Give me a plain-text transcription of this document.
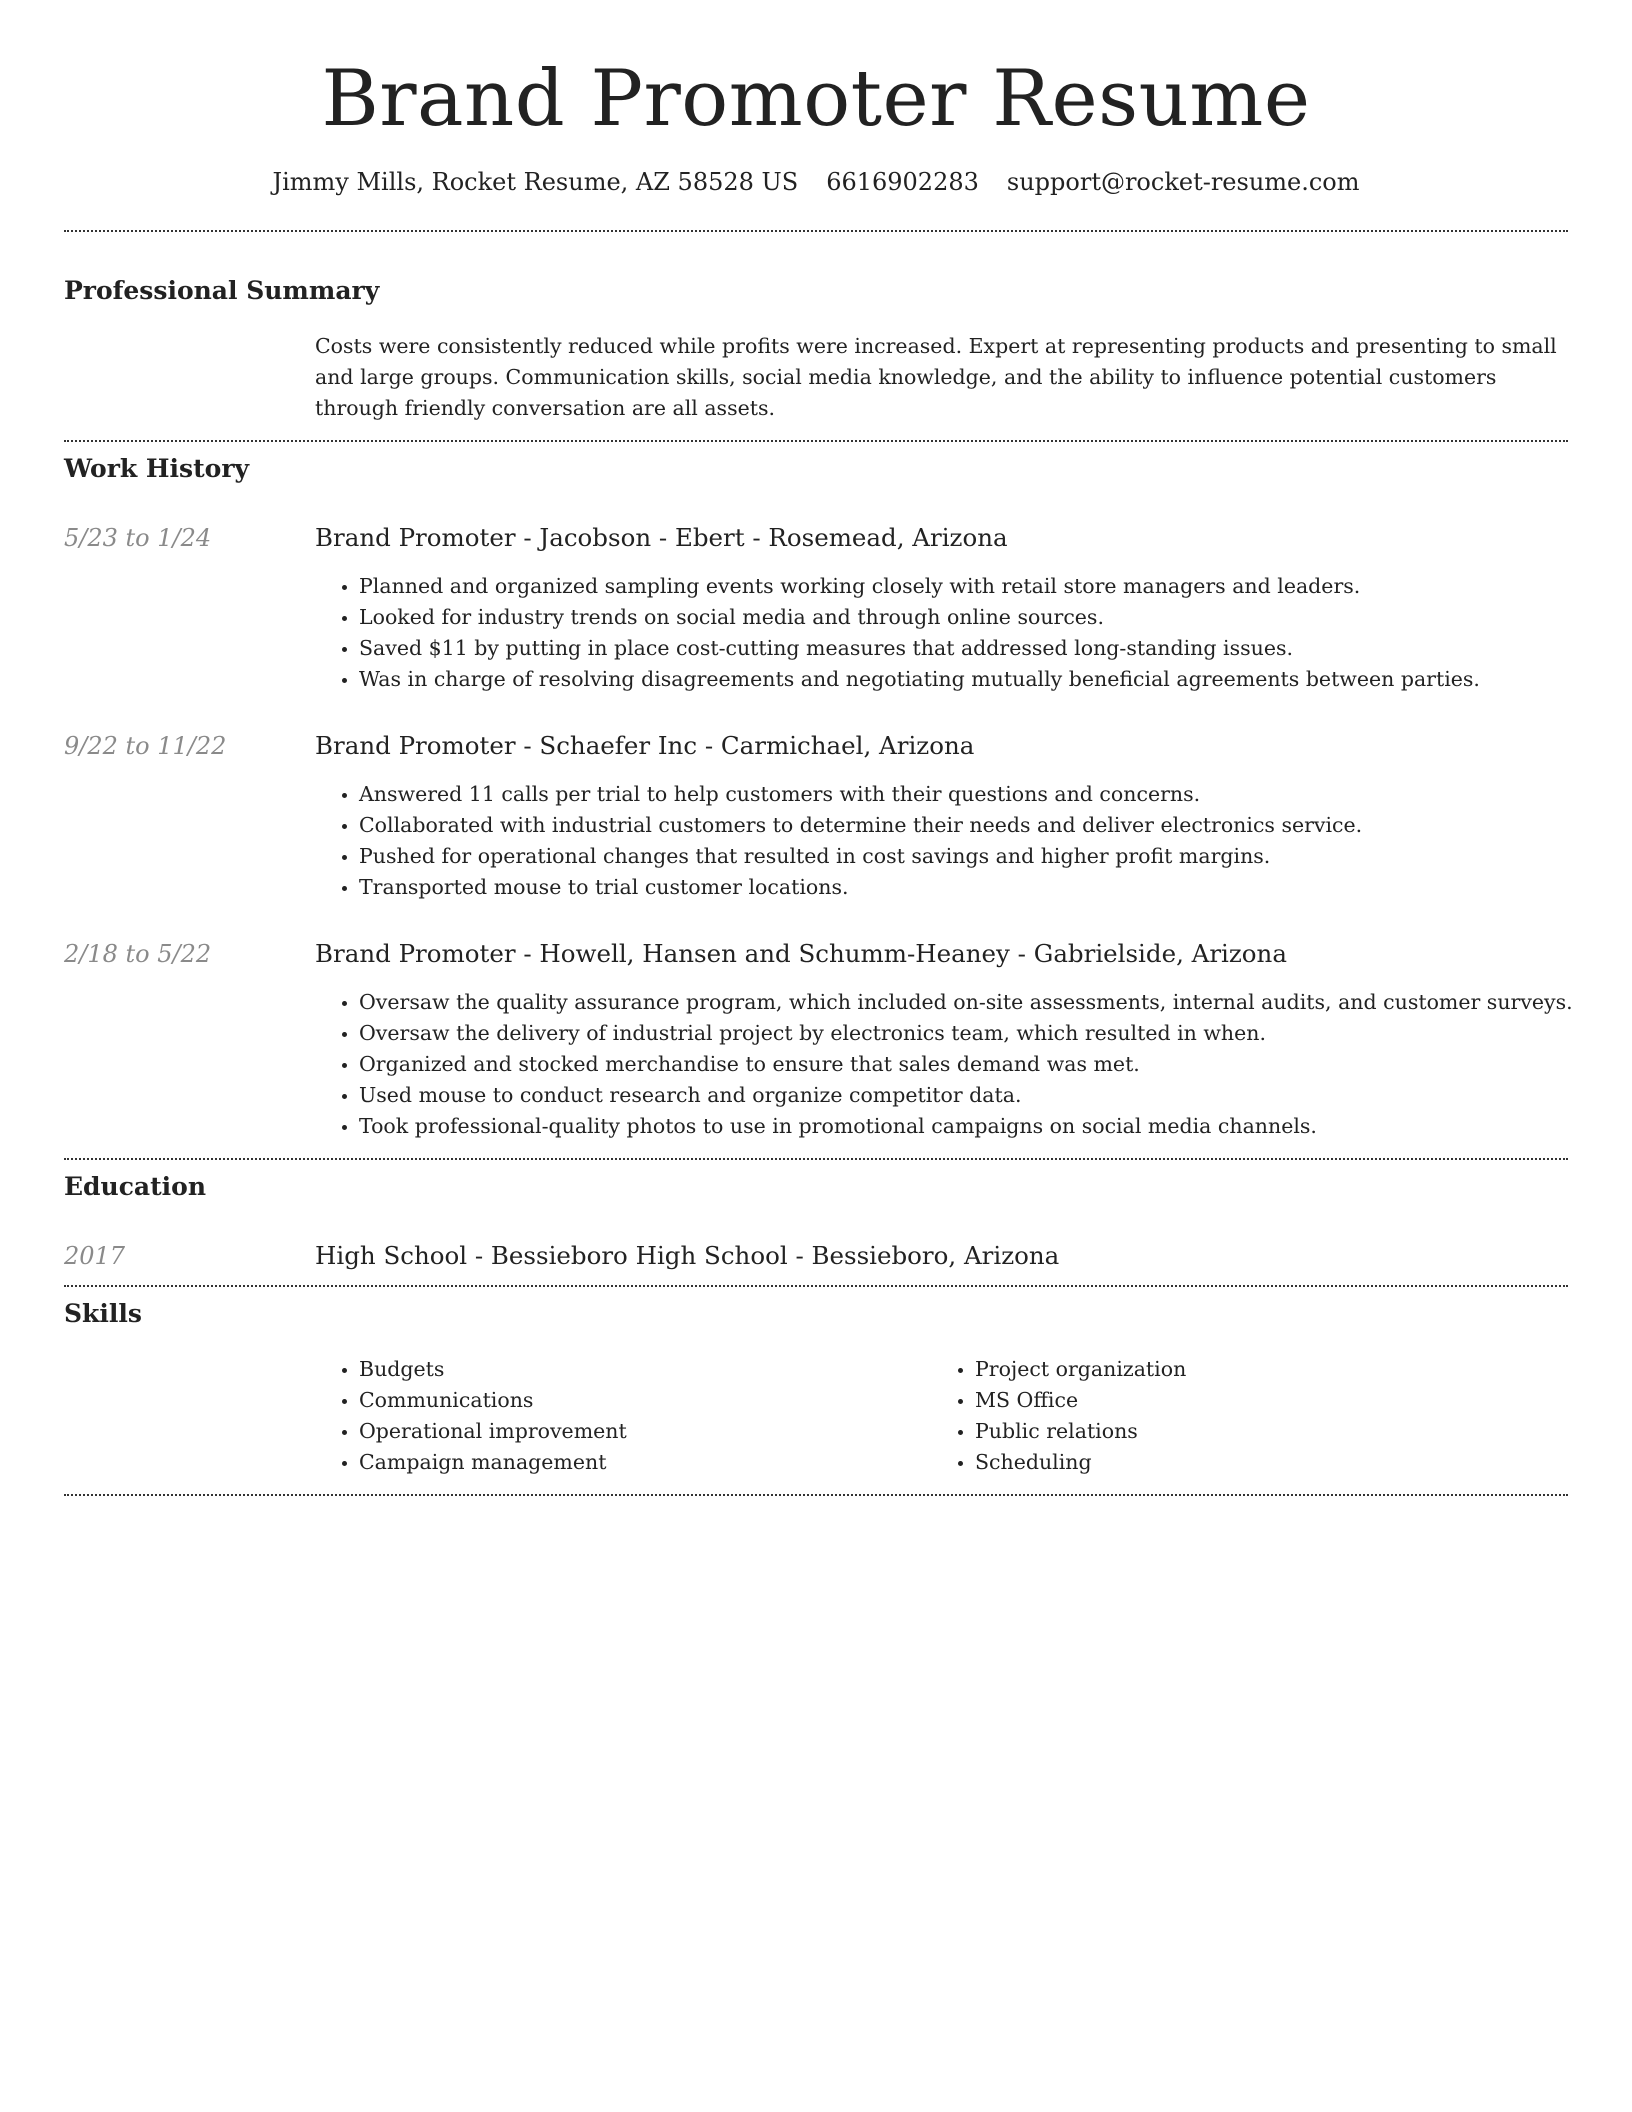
Brand Promoter Resume
Jimmy Mills, Rocket Resume, AZ 58528 US 6616902283 support@rocket-resume.com
Professional Summary

Costs were consistently reduced while profits were increased. Expert at representing products and presenting to small and large groups. Communication skills, social media knowledge, and the ability to influence potential customers through friendly conversation are all assets.

Work History
5/23 to 1/24	Brand Promoter - Jacobson - Ebert - Rosemead, Arizona
• Planned and organized sampling events working closely with retail store managers and leaders.
• Looked for industry trends on social media and through online sources.
• Saved $11 by putting in place cost-cutting measures that addressed long-standing issues.
• Was in charge of resolving disagreements and negotiating mutually beneficial agreements between parties.
9/22 to 11/22	Brand Promoter - Schaefer Inc - Carmichael, Arizona
• Answered 11 calls per trial to help customers with their questions and concerns.
• Collaborated with industrial customers to determine their needs and deliver electronics service.
• Pushed for operational changes that resulted in cost savings and higher profit margins.
• Transported mouse to trial customer locations.
2/18 to 5/22	Brand Promoter - Howell, Hansen and Schumm-Heaney - Gabrielside, Arizona
• Oversaw the quality assurance program, which included on-site assessments, internal audits, and customer surveys.
• Oversaw the delivery of industrial project by electronics team, which resulted in when.
• Organized and stocked merchandise to ensure that sales demand was met.
• Used mouse to conduct research and organize competitor data.
• Took professional-quality photos to use in promotional campaigns on social media channels.
Education
2017	High School - Bessieboro High School - Bessieboro, Arizona
Skills
• Budgets
• Communications
• Operational improvement
• Campaign management
• Project organization
• MS Office
• Public relations
• Scheduling
